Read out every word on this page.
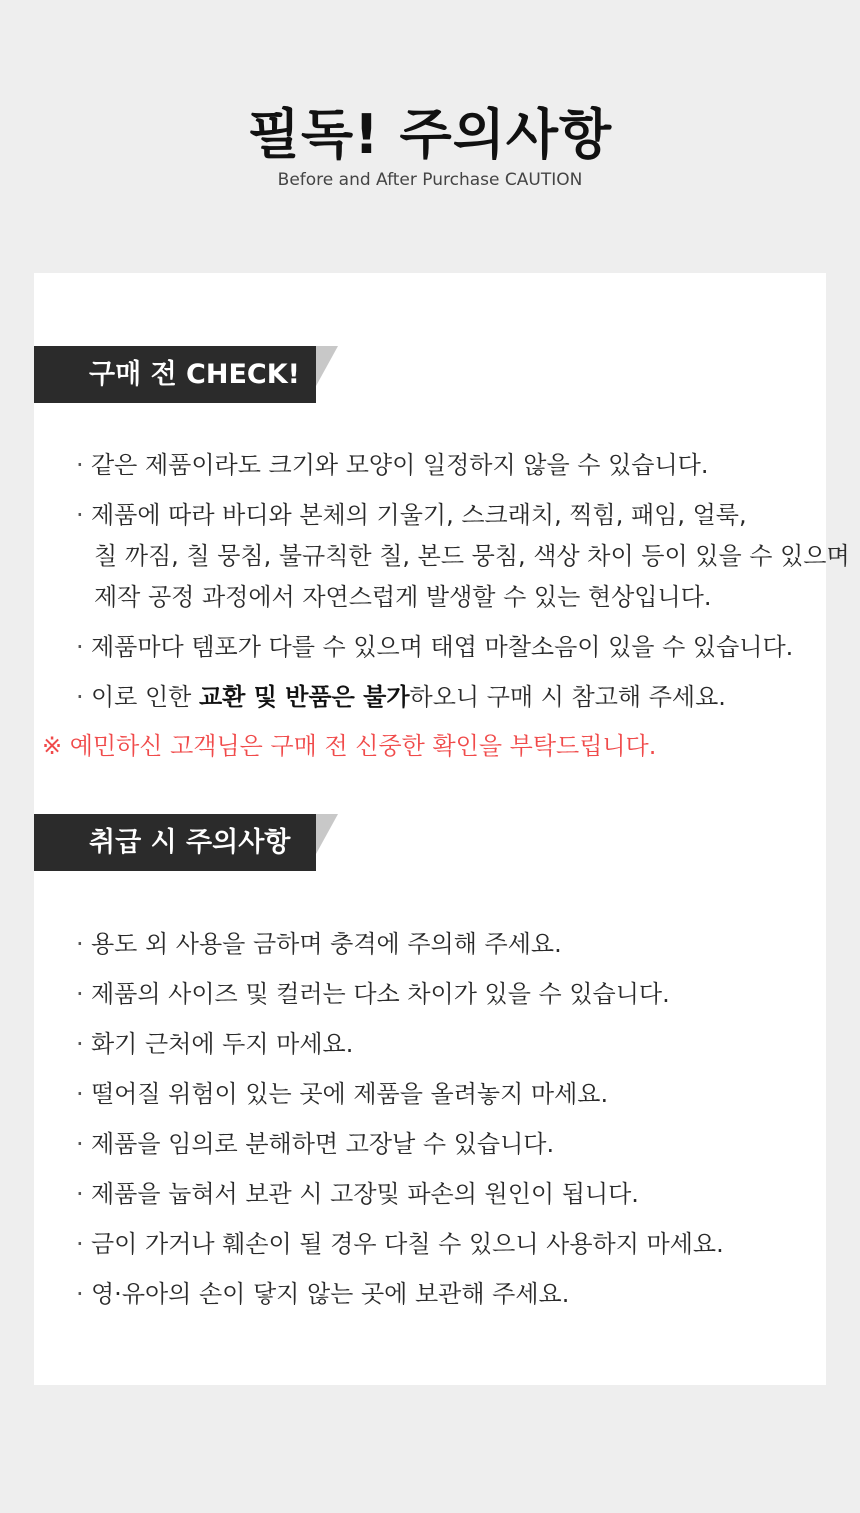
필독! 주의사항
Before and After Purchase CAUTION
구매 전 CHECK!
· 같은 제품이라도 크기와 모양이 일정하지 않을 수 있습니다.
· 제품에 따라 바디와 본체의 기울기, 스크래치, 찍힘, 패임, 얼룩,
칠 까짐, 칠 뭉침, 불규칙한 칠, 본드 뭉침, 색상 차이 등이 있을 수 있으며
제작 공정 과정에서 자연스럽게 발생할 수 있는 현상입니다.
· 제품마다 템포가 다를 수 있으며 태엽 마찰소음이 있을 수 있습니다.
· 이로 인한 교환 및 반품은 불가하오니 구매 시 참고해 주세요.
※ 예민하신 고객님은 구매 전 신중한 확인을 부탁드립니다.
취급 시 주의사항
· 용도 외 사용을 금하며 충격에 주의해 주세요.
· 제품의 사이즈 및 컬러는 다소 차이가 있을 수 있습니다.
· 화기 근처에 두지 마세요.
· 떨어질 위험이 있는 곳에 제품을 올려놓지 마세요.
· 제품을 임의로 분해하면 고장날 수 있습니다.
· 제품을 눕혀서 보관 시 고장및 파손의 원인이 됩니다.
· 금이 가거나 훼손이 될 경우 다칠 수 있으니 사용하지 마세요.
· 영·유아의 손이 닿지 않는 곳에 보관해 주세요.
